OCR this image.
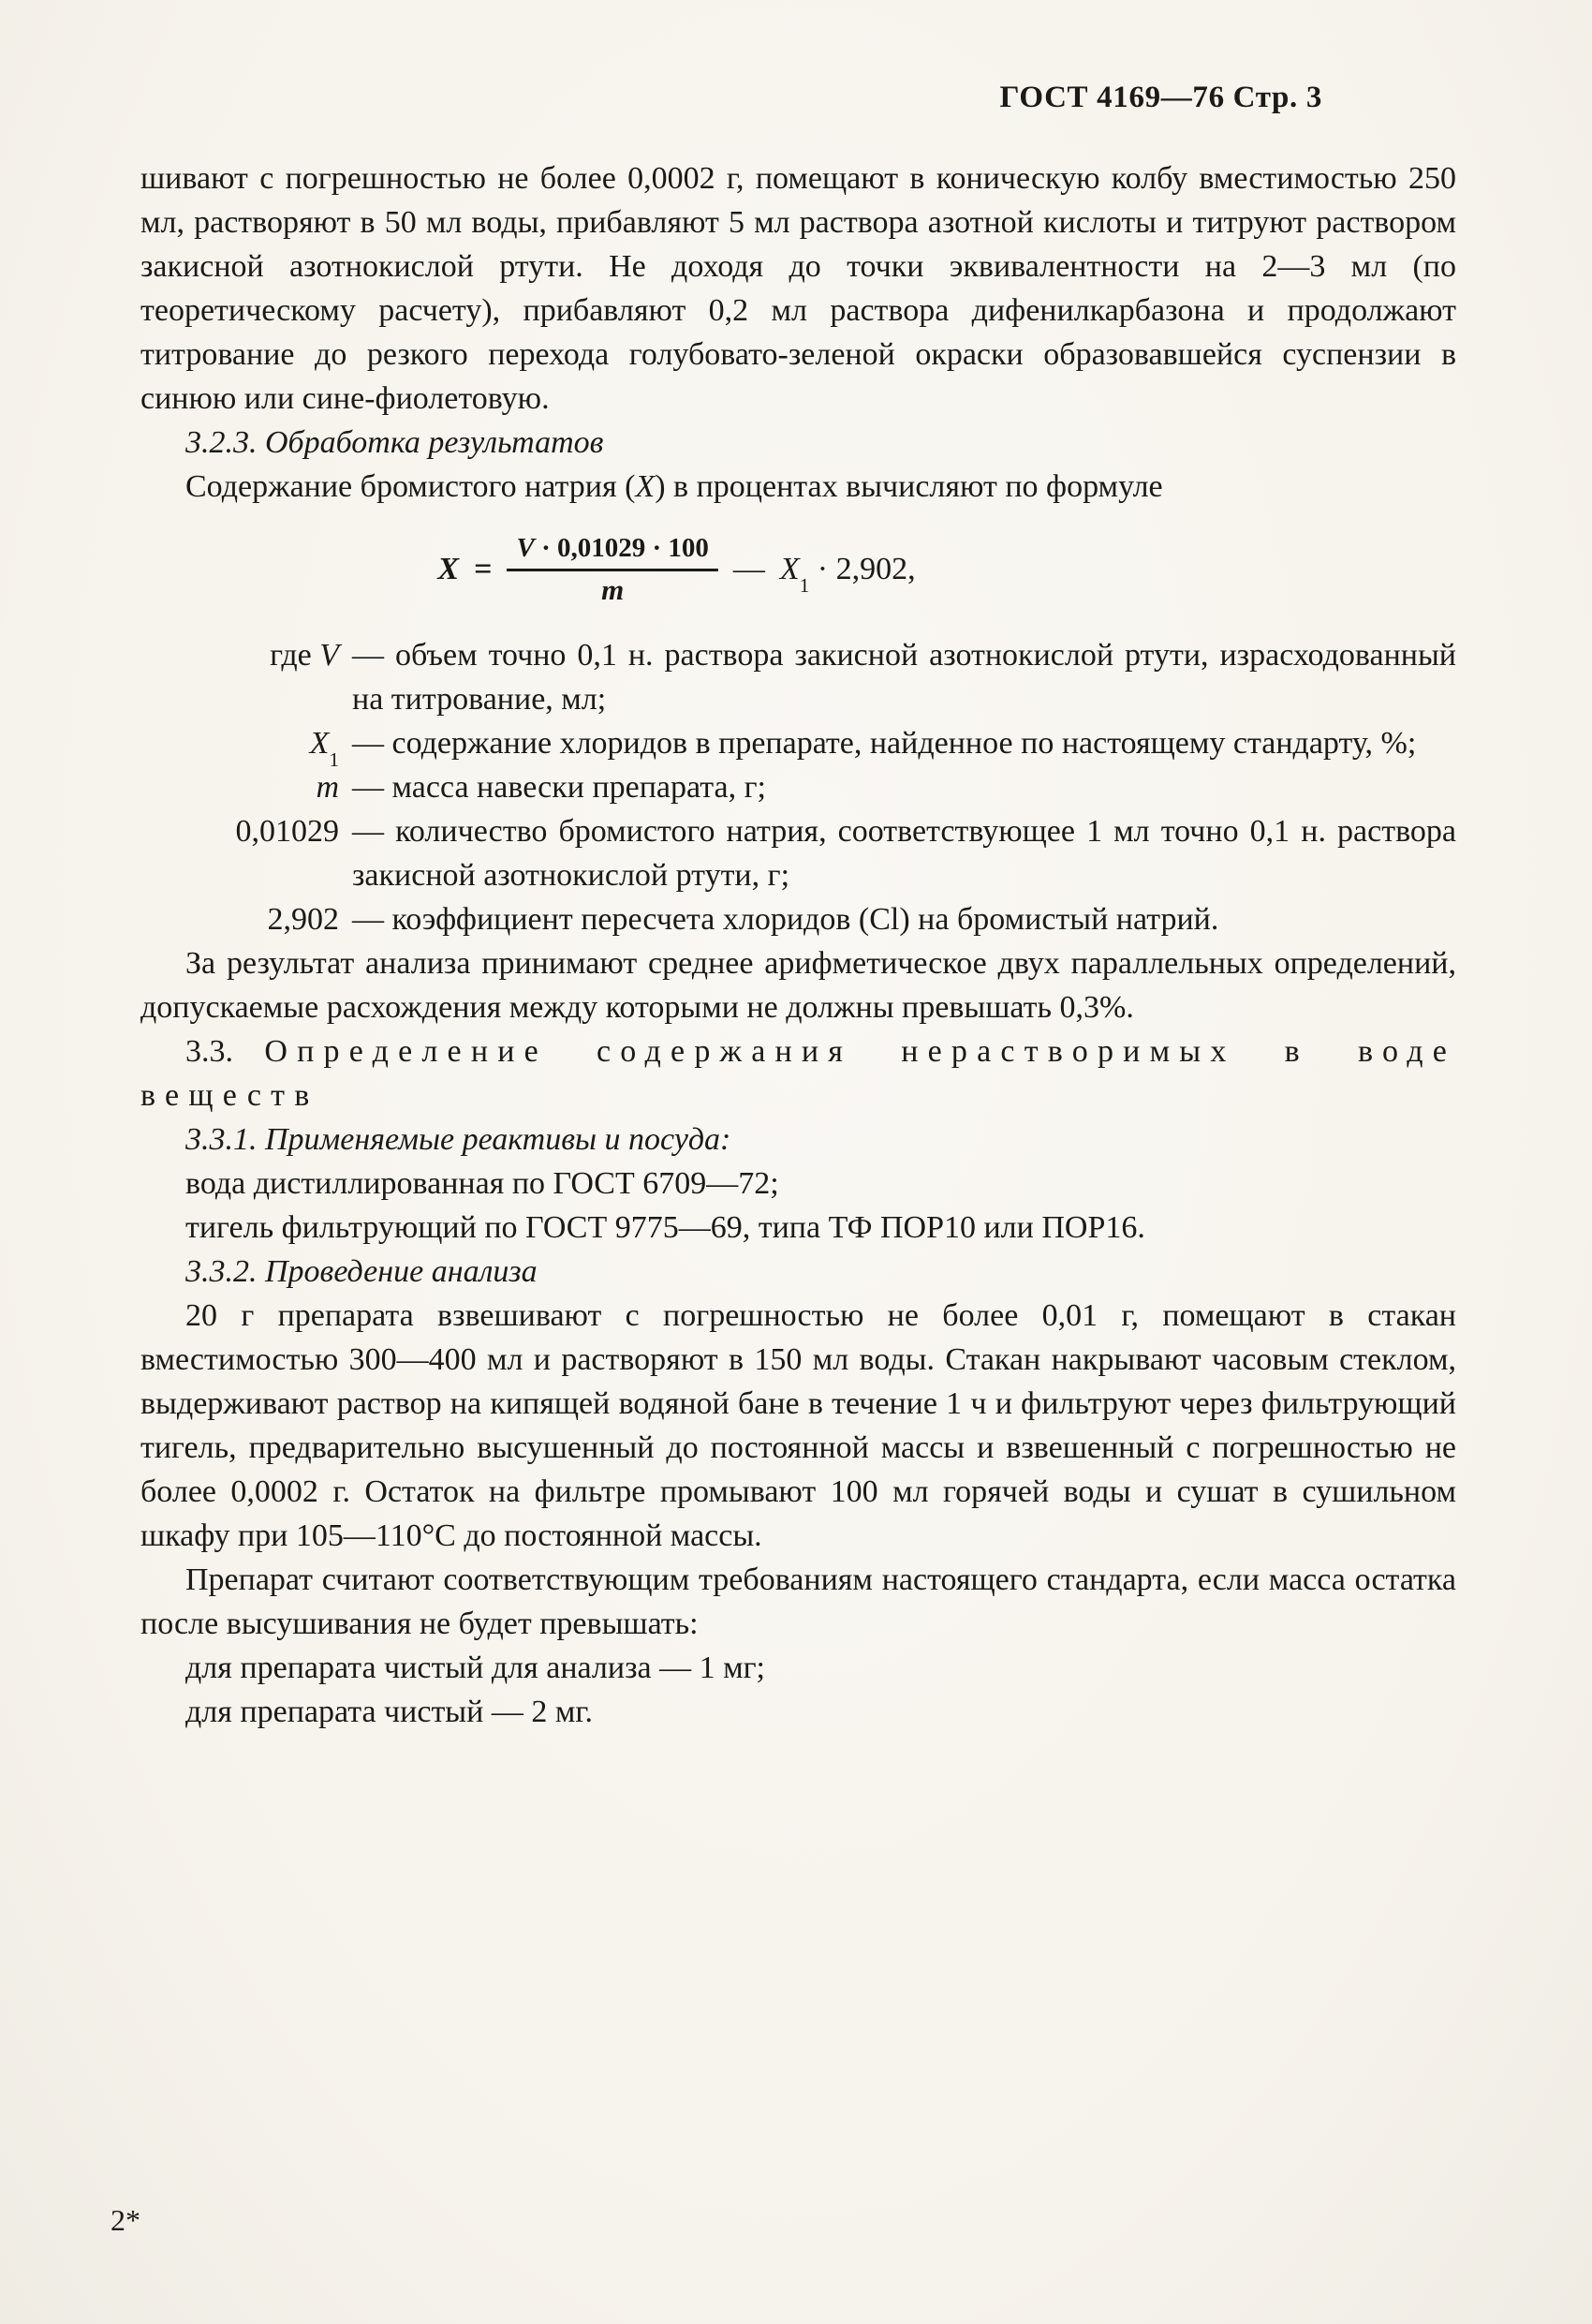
ГОСТ 4169—76 Стр. 3

шивают с погрешностью не более 0,0002 г, помещают в коническую колбу вместимостью 250 мл, растворяют в 50 мл воды, прибавляют 5 мл раствора азотной кислоты и титруют раствором закисной азотнокислой ртути. Не доходя до точки эквивалентности на 2—3 мл (по теоретическому расчету), прибавляют 0,2 мл раствора дифенилкарбазона и продолжают титрование до резкого перехода голубовато-зеленой окраски образовавшейся суспензии в синюю или сине-фиолетовую.

3.2.3. Обработка результатов

Содержание бромистого натрия (X) в процентах вычисляют по формуле

$X = \frac{V \cdot 0,01029 \cdot 100}{m}$ — $X_1 \cdot 2,902$,
где V — объем точно 0,1 н. раствора закисной азотнокислой ртути, израсходованный на титрование, мл;
$X_1$ — содержание хлоридов в препарате, найденное по настоящему стандарту, %;
m — масса навески препарата, г;
0,01029 — количество бромистого натрия, соответствующее 1 мл точно 0,1 н. раствора закисной азотнокислой ртути, г;
2,902 — коэффициент пересчета хлоридов (Cl) на бромистый натрий.

За результат анализа принимают среднее арифметическое двух параллельных определений, допускаемые расхождения между которыми не должны превышать 0,3%.

3.3. Определение содержания нерастворимых в воде веществ

3.3.1. Применяемые реактивы и посуда:

вода дистиллированная по ГОСТ 6709—72;

тигель фильтрующий по ГОСТ 9775—69, типа ТФ ПОР10 или ПОР16.

3.3.2. Проведение анализа

20 г препарата взвешивают с погрешностью не более 0,01 г, помещают в стакан вместимостью 300—400 мл и растворяют в 150 мл воды. Стакан накрывают часовым стеклом, выдерживают раствор на кипящей водяной бане в течение 1 ч и фильтруют через фильтрующий тигель, предварительно высушенный до постоянной массы и взвешенный с погрешностью не более 0,0002 г. Остаток на фильтре промывают 100 мл горячей воды и сушат в сушильном шкафу при 105—110°С до постоянной массы.

Препарат считают соответствующим требованиям настоящего стандарта, если масса остатка после высушивания не будет превышать:

для препарата чистый для анализа — 1 мг;

для препарата чистый — 2 мг.

2*
